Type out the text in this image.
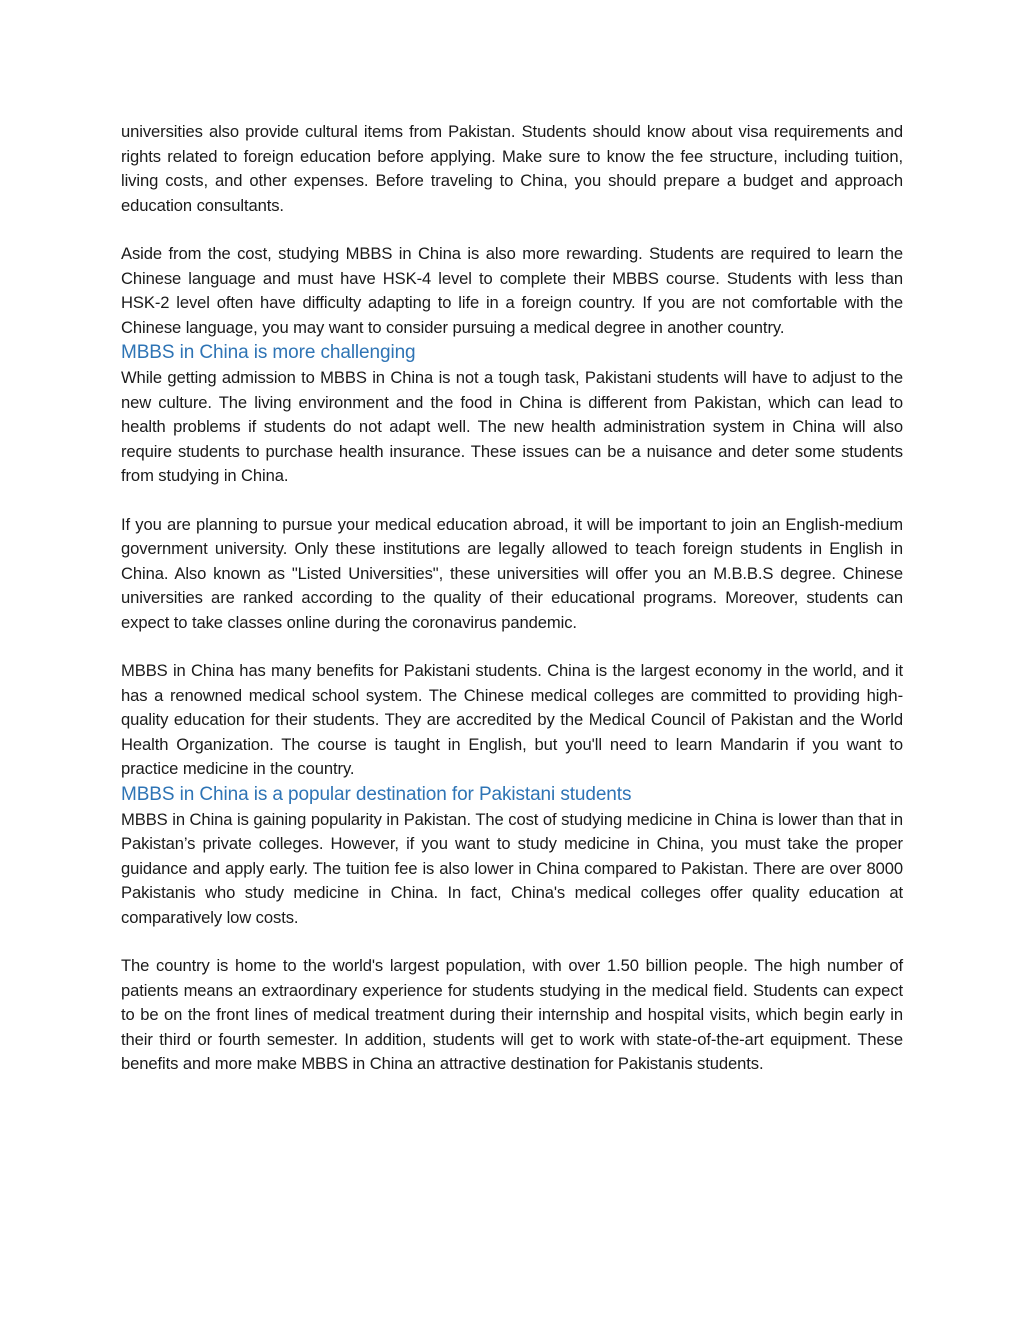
universities also provide cultural items from Pakistan. Students should know about visa requirements and rights related to foreign education before applying. Make sure to know the fee structure, including tuition, living costs, and other expenses. Before traveling to China, you should prepare a budget and approach education consultants.

Aside from the cost, studying MBBS in China is also more rewarding. Students are required to learn the Chinese language and must have HSK-4 level to complete their MBBS course. Students with less than HSK-2 level often have difficulty adapting to life in a foreign country. If you are not comfortable with the Chinese language, you may want to consider pursuing a medical degree in another country.

MBBS in China is more challenging

While getting admission to MBBS in China is not a tough task, Pakistani students will have to adjust to the new culture. The living environment and the food in China is different from Pakistan, which can lead to health problems if students do not adapt well. The new health administration system in China will also require students to purchase health insurance. These issues can be a nuisance and deter some students from studying in China.

If you are planning to pursue your medical education abroad, it will be important to join an English-medium government university. Only these institutions are legally allowed to teach foreign students in English in China. Also known as "Listed Universities", these universities will offer you an M.B.B.S degree. Chinese universities are ranked according to the quality of their educational programs. Moreover, students can expect to take classes online during the coronavirus pandemic.

MBBS in China has many benefits for Pakistani students. China is the largest economy in the world, and it has a renowned medical school system. The Chinese medical colleges are committed to providing high-quality education for their students. They are accredited by the Medical Council of Pakistan and the World Health Organization. The course is taught in English, but you'll need to learn Mandarin if you want to practice medicine in the country.

MBBS in China is a popular destination for Pakistani students

MBBS in China is gaining popularity in Pakistan. The cost of studying medicine in China is lower than that in Pakistan’s private colleges. However, if you want to study medicine in China, you must take the proper guidance and apply early. The tuition fee is also lower in China compared to Pakistan. There are over 8000 Pakistanis who study medicine in China. In fact, China's medical colleges offer quality education at comparatively low costs.

The country is home to the world's largest population, with over 1.50 billion people. The high number of patients means an extraordinary experience for students studying in the medical field. Students can expect to be on the front lines of medical treatment during their internship and hospital visits, which begin early in their third or fourth semester. In addition, students will get to work with state-of-the-art equipment. These benefits and more make MBBS in China an attractive destination for Pakistanis students.
